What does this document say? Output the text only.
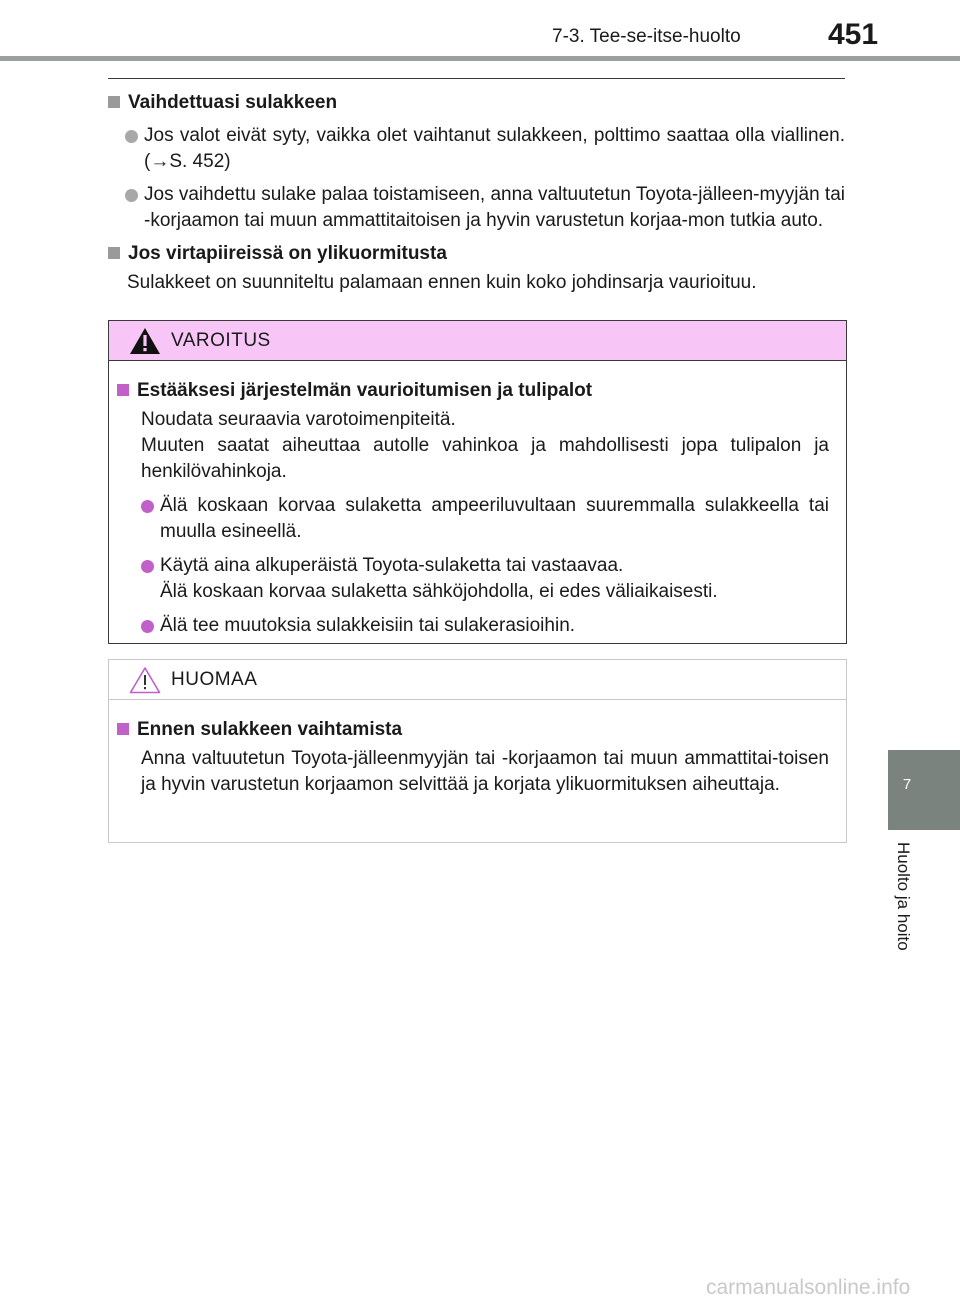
7-3. Tee-se-itse-huolto	451
Vaihdettuasi sulakkeen
Jos valot eivät syty, vaikka olet vaihtanut sulakkeen, polttimo saattaa olla viallinen. (→S. 452)
Jos vaihdettu sulake palaa toistamiseen, anna valtuutetun Toyota-jälleen-myyjän tai -korjaamon tai muun ammattitaitoisen ja hyvin varustetun korjaa-mon tutkia auto.
Jos virtapiireissä on ylikuormitusta
Sulakkeet on suunniteltu palamaan ennen kuin koko johdinsarja vaurioituu.
VAROITUS
Estääksesi järjestelmän vaurioitumisen ja tulipalot
Noudata seuraavia varotoimenpiteitä.
Muuten saatat aiheuttaa autolle vahinkoa ja mahdollisesti jopa tulipalon ja henkilövahinkoja.
Älä koskaan korvaa sulaketta ampeeriluvultaan suuremmalla sulakkeella tai muulla esineellä.
Käytä aina alkuperäistä Toyota-sulaketta tai vastaavaa.
Älä koskaan korvaa sulaketta sähköjohdolla, ei edes väliaikaisesti.
Älä tee muutoksia sulakkeisiin tai sulakerasioihin.
HUOMAA
Ennen sulakkeen vaihtamista
Anna valtuutetun Toyota-jälleenmyyjän tai -korjaamon tai muun ammattitai-toisen ja hyvin varustetun korjaamon selvittää ja korjata ylikuormituksen aiheuttaja.	7
Huolto ja hoito
carmanualsonline.info
